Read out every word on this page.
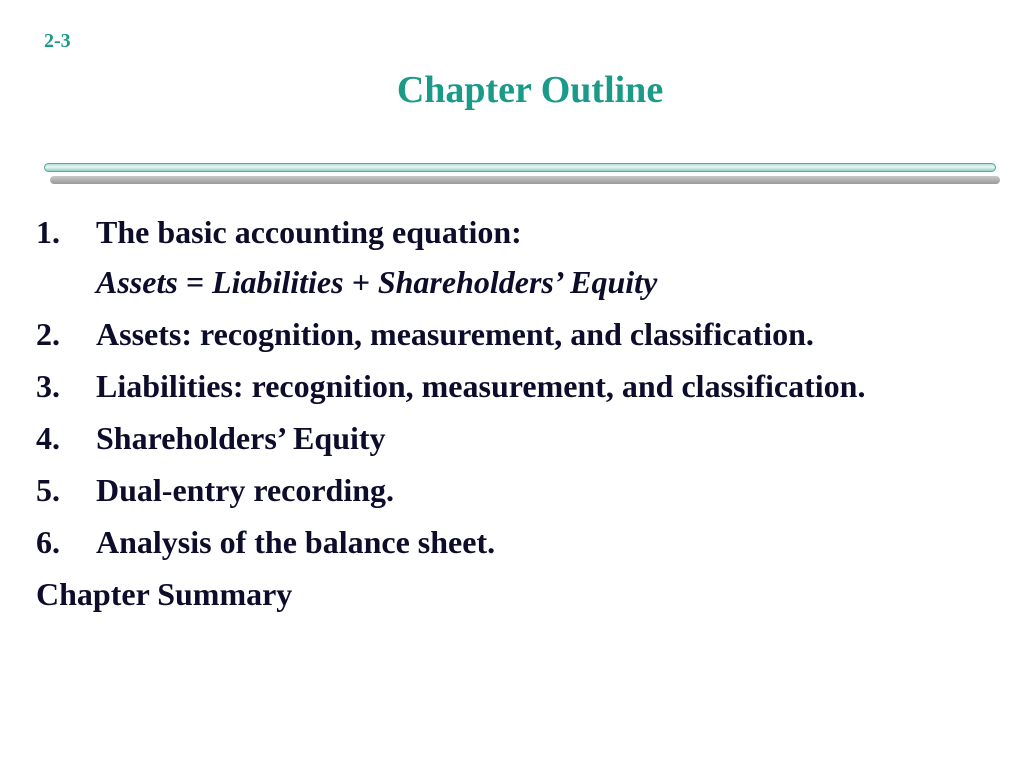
2-3
Chapter Outline
1.	The basic accounting equation:
Assets = Liabilities + Shareholders’ Equity
2.	Assets: recognition, measurement, and classification.
3.	Liabilities: recognition, measurement, and classification.
4.	Shareholders’ Equity
5.	Dual-entry recording.
6.	Analysis of the balance sheet.
Chapter Summary
